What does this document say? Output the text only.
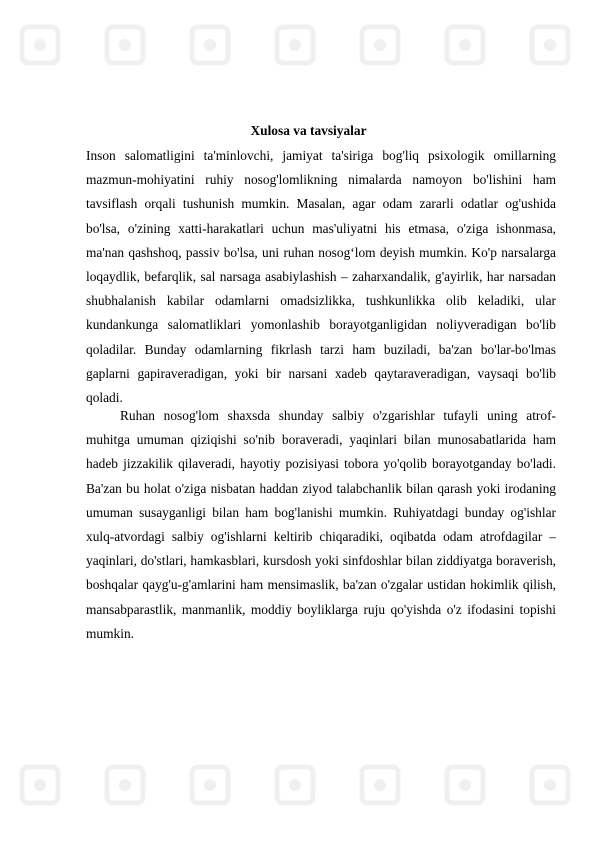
Xulosa va tavsiyalar

Inson salomatligini ta'minlovchi, jamiyat ta'siriga bog'liq psixologik omillarning mazmun-mohiyatini ruhiy nosog'lomlikning nimalarda namoyon bo'lishini ham tavsiflash orqali tushunish mumkin. Masalan, agar odam zararli odatlar og'ushida bo'lsa, o'zining xatti-harakatlari uchun mas'uliyatni his etmasa, o'ziga ishonmasa, ma'nan qashshoq, passiv bo'lsa, uni ruhan nosog‘lom deyish mumkin. Ko'p narsalarga loqaydlik, befarqlik, sal narsaga asabiylashish – zaharxandalik, g'ayirlik, har narsadan shubhalanish kabilar odamlarni omadsizlikka, tushkunlikka olib keladiki, ular kundankunga salomatliklari yomonlashib borayotganligidan noliyveradigan bo'lib qoladilar. Bunday odamlarning fikrlash tarzi ham buziladi, ba'zan bo'lar-bo'lmas gaplarni gapiraveradigan, yoki bir narsani xadeb qaytaraveradigan, vaysaqi bo'lib qoladi.

Ruhan nosog'lom shaxsda shunday salbiy o'zgarishlar tufayli uning atrof-muhitga umuman qiziqishi so'nib boraveradi, yaqinlari bilan munosabatlarida ham hadeb jizzakilik qilaveradi, hayotiy pozisiyasi tobora yo'qolib borayotganday bo'ladi. Ba'zan bu holat o'ziga nisbatan haddan ziyod talabchanlik bilan qarash yoki irodaning umuman susayganligi bilan ham bog'lanishi mumkin. Ruhiyatdagi bunday og'ishlar xulq-atvordagi salbiy og'ishlarni keltirib chiqaradiki, oqibatda odam atrofdagilar –yaqinlari, do'stlari, hamkasblari, kursdosh yoki sinfdoshlar bilan ziddiyatga boraverish, boshqalar qayg'u-g'amlarini ham mensimaslik, ba'zan o'zgalar ustidan hokimlik qilish, mansabparastlik, manmanlik, moddiy boyliklarga ruju qo'yishda o'z ifodasini topishi mumkin.
